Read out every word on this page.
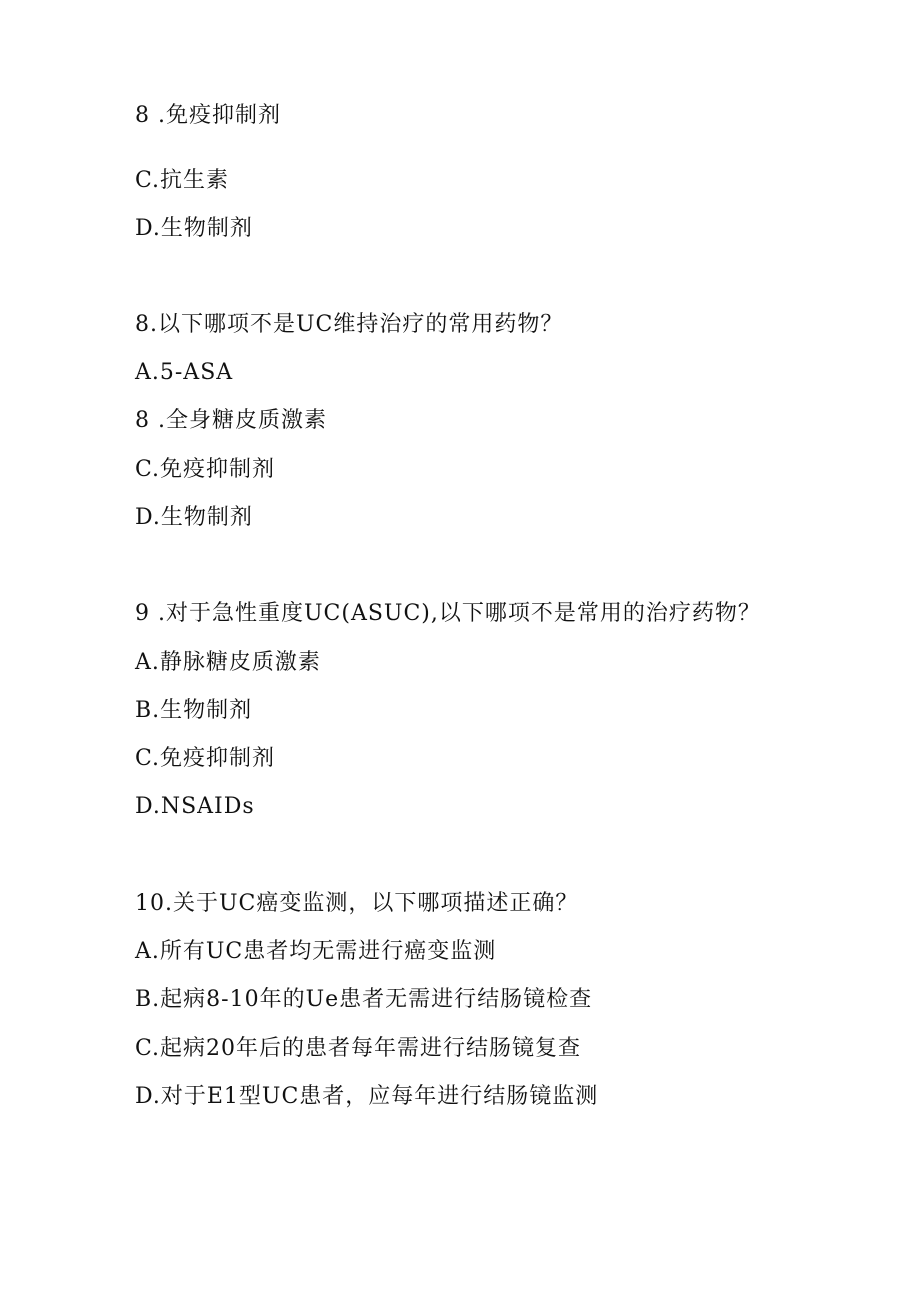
8 .免疫抑制剂
C.抗生素
D.生物制剂
8.以下哪项不是UC维持治疗的常用药物？
A.5-ASA
8 .全身糖皮质激素
C.免疫抑制剂
D.生物制剂
9 .对于急性重度UC(ASUC),以下哪项不是常用的治疗药物？
A.静脉糖皮质激素
B.生物制剂
C.免疫抑制剂
D.NSAIDs
10.关于UC癌变监测，以下哪项描述正确？
A.所有UC患者均无需进行癌变监测
B.起病8-10年的Ue患者无需进行结肠镜检查
C.起病20年后的患者每年需进行结肠镜复查
D.对于E1型UC患者，应每年进行结肠镜监测
